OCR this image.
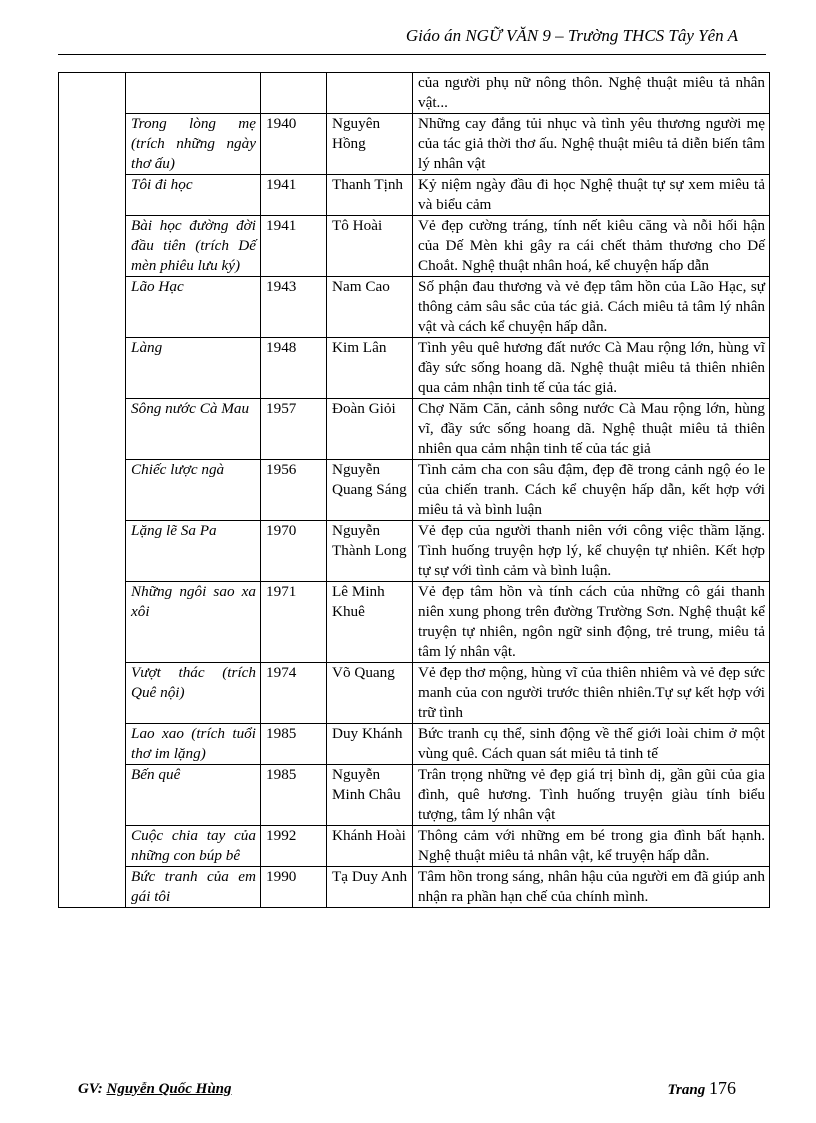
Giáo án NGỮ VĂN 9 – Trường THCS Tây Yên A
				của người phụ nữ nông thôn. Nghệ thuật miêu tả nhân vật...
	Trong lòng mẹ (trích những ngày thơ ấu)	1940	Nguyên Hồng	Những cay đắng tủi nhục và tình yêu thương người mẹ của tác giả thời thơ ấu. Nghệ thuật miêu tả diễn biến tâm lý nhân vật
	Tôi đi học	1941	Thanh Tịnh	Kỷ niệm ngày đầu đi học Nghệ thuật tự sự xem miêu tả và biểu cảm
	Bài học đường đời đầu tiên (trích Dế mèn phiêu lưu ký)	1941	Tô Hoài	Vẻ đẹp cường tráng, tính nết kiêu căng và nỗi hối hận của Dế Mèn khi gây ra cái chết thảm thương cho Dế Choắt. Nghệ thuật nhân hoá, kể chuyện hấp dẫn
	Lão Hạc	1943	Nam Cao	Số phận đau thương và vẻ đẹp tâm hồn của Lão Hạc, sự thông cảm sâu sắc của tác giả. Cách miêu tả tâm lý nhân vật và cách kể chuyện hấp dẫn.
	Làng	1948	Kim Lân	Tình yêu quê hương đất nước Cà Mau rộng lớn, hùng vĩ đầy sức sống hoang dã. Nghệ thuật miêu tả thiên nhiên qua cảm nhận tinh tế của tác giả.
	Sông nước Cà Mau	1957	Đoàn Giỏi	Chợ Năm Căn, cảnh sông nước Cà Mau rộng lớn, hùng vĩ, đầy sức sống hoang dã. Nghệ thuật miêu tả thiên nhiên qua cảm nhận tinh tế của tác giả
	Chiếc lược ngà	1956	Nguyễn Quang Sáng	Tình cảm cha con sâu đậm, đẹp đẽ trong cảnh ngộ éo le của chiến tranh. Cách kể chuyện hấp dẫn, kết hợp với miêu tả và bình luận
	Lặng lẽ Sa Pa	1970	Nguyễn Thành Long	Vẻ đẹp của người thanh niên với công việc thầm lặng. Tình huống truyện hợp lý, kể chuyện tự nhiên. Kết hợp tự sự với tình cảm và bình luận.
	Những ngôi sao xa xôi	1971	Lê Minh Khuê	Vẻ đẹp tâm hồn và tính cách của những cô gái thanh niên xung phong trên đường Trường Sơn. Nghệ thuật kể truyện tự nhiên, ngôn ngữ sinh động, trẻ trung, miêu tả tâm lý nhân vật.
	Vượt thác (trích Quê nội)	1974	Võ Quang	Vẻ đẹp thơ mộng, hùng vĩ của thiên nhiêm và vẻ đẹp sức manh của con người trước thiên nhiên.Tự sự kết hợp với trữ tình
	Lao xao (trích tuổi thơ im lặng)	1985	Duy Khánh	Bức tranh cụ thể, sinh động về thế giới loài chim ở một vùng quê. Cách quan sát miêu tả tinh tế
	Bến quê	1985	Nguyễn Minh Châu	Trân trọng những vẻ đẹp giá trị bình dị, gần gũi của gia đình, quê hương. Tình huống truyện giàu tính biểu tượng, tâm lý nhân vật
	Cuộc chia tay của những con búp bê	1992	Khánh Hoài	Thông cảm với những em bé trong gia đình bất hạnh. Nghệ thuật miêu tả nhân vật, kể truyện hấp dẫn.
	Bức tranh của em gái tôi	1990	Tạ Duy Anh	Tâm hồn trong sáng, nhân hậu của người em đã giúp anh nhận ra phần hạn chế của chính mình.
GV: Nguyễn Quốc Hùng	Trang 176
